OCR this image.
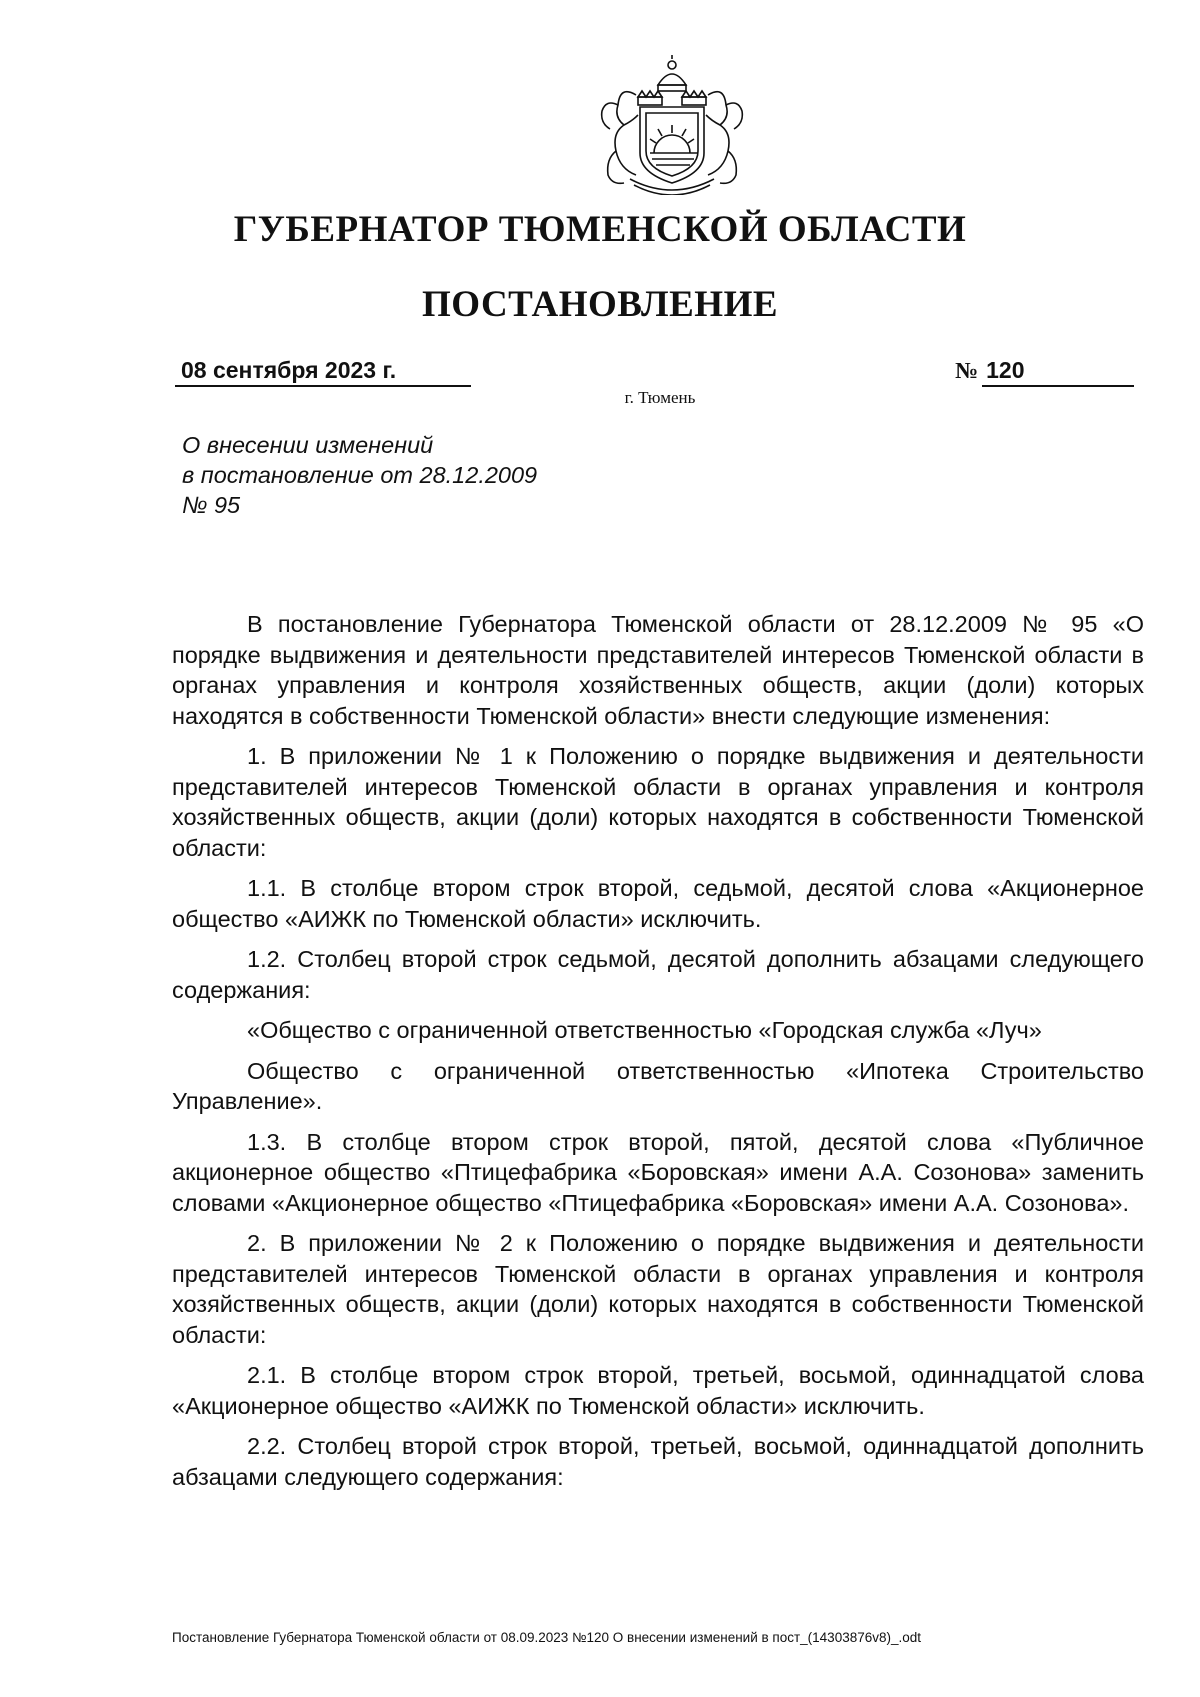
ГУБЕРНАТОР ТЮМЕНСКОЙ ОБЛАСТИ
ПОСТАНОВЛЕНИЕ
08 сентября 2023 г.	№ 120
г. Тюмень
О внесении изменений
в постановление от 28.12.2009
№ 95

В постановление Губернатора Тюменской области от 28.12.2009 № 95 «О порядке выдвижения и деятельности представителей интересов Тюменской области в органах управления и контроля хозяйственных обществ, акции (доли) которых находятся в собственности Тюменской области» внести следующие изменения:

1. В приложении № 1 к Положению о порядке выдвижения и деятельности представителей интересов Тюменской области в органах управления и контроля хозяйственных обществ, акции (доли) которых находятся в собственности Тюменской области:

1.1. В столбце втором строк второй, седьмой, десятой слова «Акционерное общество «АИЖК по Тюменской области» исключить.

1.2. Столбец второй строк седьмой, десятой дополнить абзацами следующего содержания:

«Общество с ограниченной ответственностью «Городская служба «Луч»

Общество с ограниченной ответственностью «Ипотека Строительство Управление».

1.3. В столбце втором строк второй, пятой, десятой слова «Публичное акционерное общество «Птицефабрика «Боровская» имени А.А. Созонова» заменить словами «Акционерное общество «Птицефабрика «Боровская» имени А.А. Созонова».

2. В приложении № 2 к Положению о порядке выдвижения и деятельности представителей интересов Тюменской области в органах управления и контроля хозяйственных обществ, акции (доли) которых находятся в собственности Тюменской области:

2.1. В столбце втором строк второй, третьей, восьмой, одиннадцатой слова «Акционерное общество «АИЖК по Тюменской области» исключить.

2.2. Столбец второй строк второй, третьей, восьмой, одиннадцатой дополнить абзацами следующего содержания:

Постановление Губернатора Тюменской области от 08.09.2023 №120 О внесении изменений в пост_(14303876v8)_.odt
